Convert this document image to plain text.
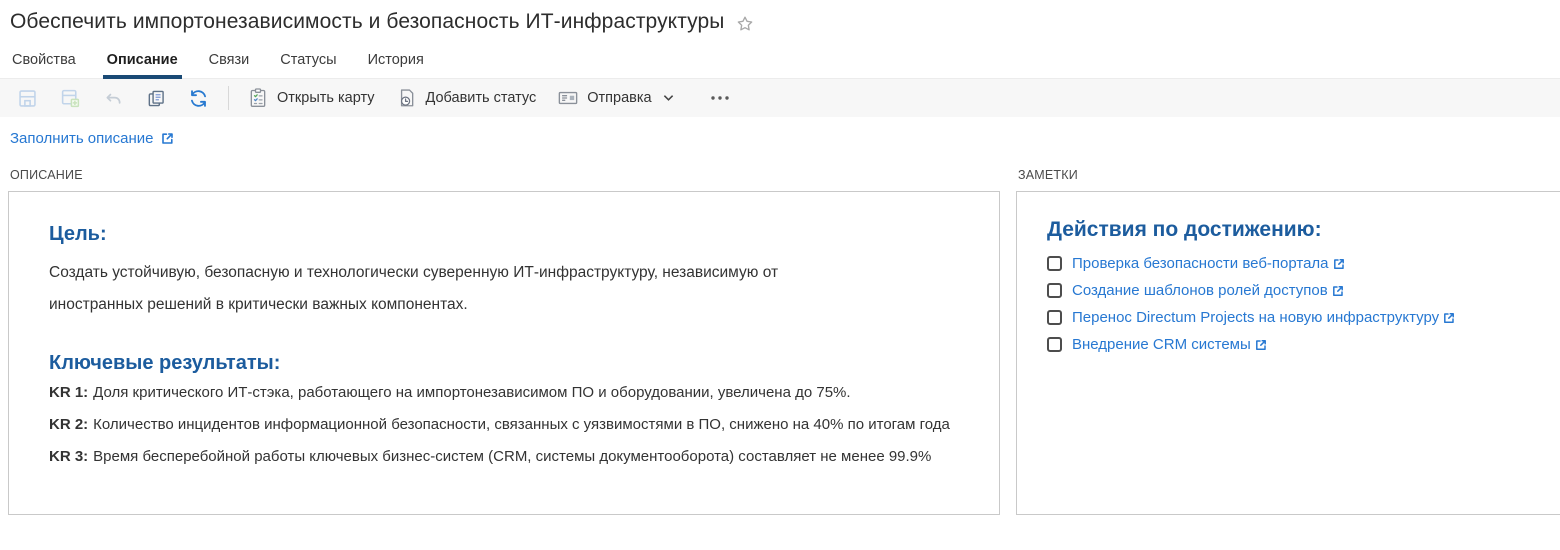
Обеспечить импортонезависимость и безопасность ИТ-инфраструктуры
Свойства Описание Связи Статусы История
Открыть карту	Добавить статус	Отправка
Заполнить описание
ОПИСАНИЕ
Цель:

Создать устойчивую, безопасную и технологически суверенную ИТ-инфраструктуру, независимую от иностранных решений в критически важных компонентах.

Ключевые результаты:

KR 1: Доля критического ИТ-стэка, работающего на импортонезависимом ПО и оборудовании, увеличена до 75%.

KR 2: Количество инцидентов информационной безопасности, связанных с уязвимостями в ПО, снижено на 40% по итогам года

KR 3: Время бесперебойной работы ключевых бизнес-систем (CRM, системы документооборота) составляет не менее 99.9%

ЗАМЕТКИ
Действия по достижению:
Проверка безопасности веб-портала
Создание шаблонов ролей доступов
Перенос Directum Projects на новую инфраструктуру
Внедрение CRM системы
